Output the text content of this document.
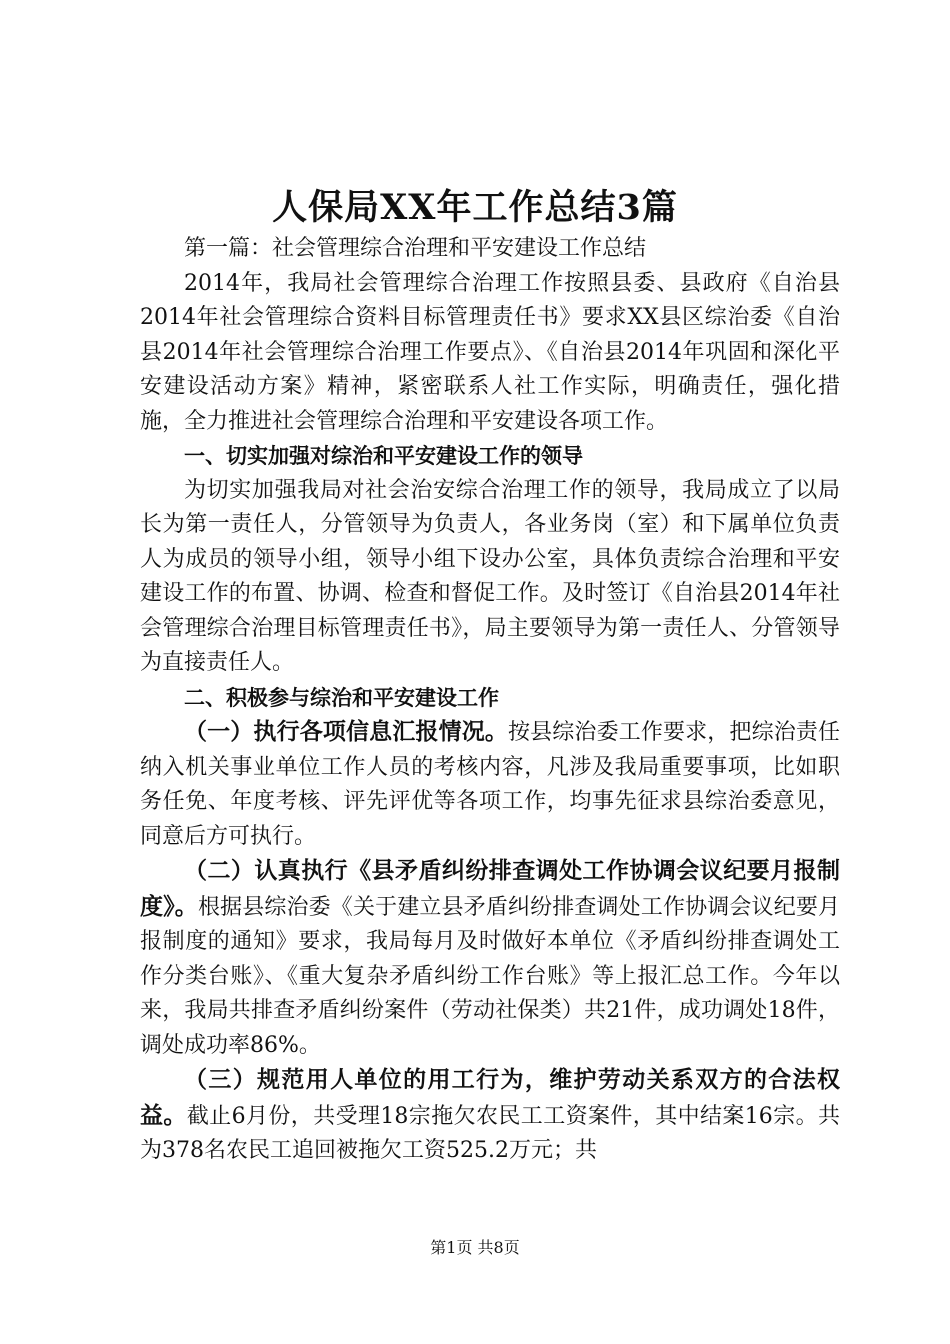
人保局XX年工作总结3篇

第一篇：社会管理综合治理和平安建设工作总结

2014年，我局社会管理综合治理工作按照县委、县政府《自治县2014年社会管理综合资料目标管理责任书》要求XX县区综治委《自治县2014年社会管理综合治理工作要点》、《自治县2014年巩固和深化平安建设活动方案》精神，紧密联系人社工作实际，明确责任，强化措施，全力推进社会管理综合治理和平安建设各项工作。

一、切实加强对综治和平安建设工作的领导

为切实加强我局对社会治安综合治理工作的领导，我局成立了以局长为第一责任人，分管领导为负责人，各业务岗（室）和下属单位负责人为成员的领导小组，领导小组下设办公室，具体负责综合治理和平安建设工作的布置、协调、检查和督促工作。及时签订《自治县2014年社会管理综合治理目标管理责任书》，局主要领导为第一责任人、分管领导为直接责任人。

二、积极参与综治和平安建设工作

（一）执行各项信息汇报情况。按县综治委工作要求，把综治责任纳入机关事业单位工作人员的考核内容，凡涉及我局重要事项，比如职务任免、年度考核、评先评优等各项工作，均事先征求县综治委意见，同意后方可执行。

（二）认真执行《县矛盾纠纷排查调处工作协调会议纪要月报制度》。根据县综治委《关于建立县矛盾纠纷排查调处工作协调会议纪要月报制度的通知》要求，我局每月及时做好本单位《矛盾纠纷排查调处工作分类台账》、《重大复杂矛盾纠纷工作台账》等上报汇总工作。今年以来，我局共排查矛盾纠纷案件（劳动社保类）共21件，成功调处18件，调处成功率86%。

（三）规范用人单位的用工行为，维护劳动关系双方的合法权益。截止6月份，共受理18宗拖欠农民工工资案件，其中结案16宗。共为378名农民工追回被拖欠工资525.2万元；共

第1页 共8页
